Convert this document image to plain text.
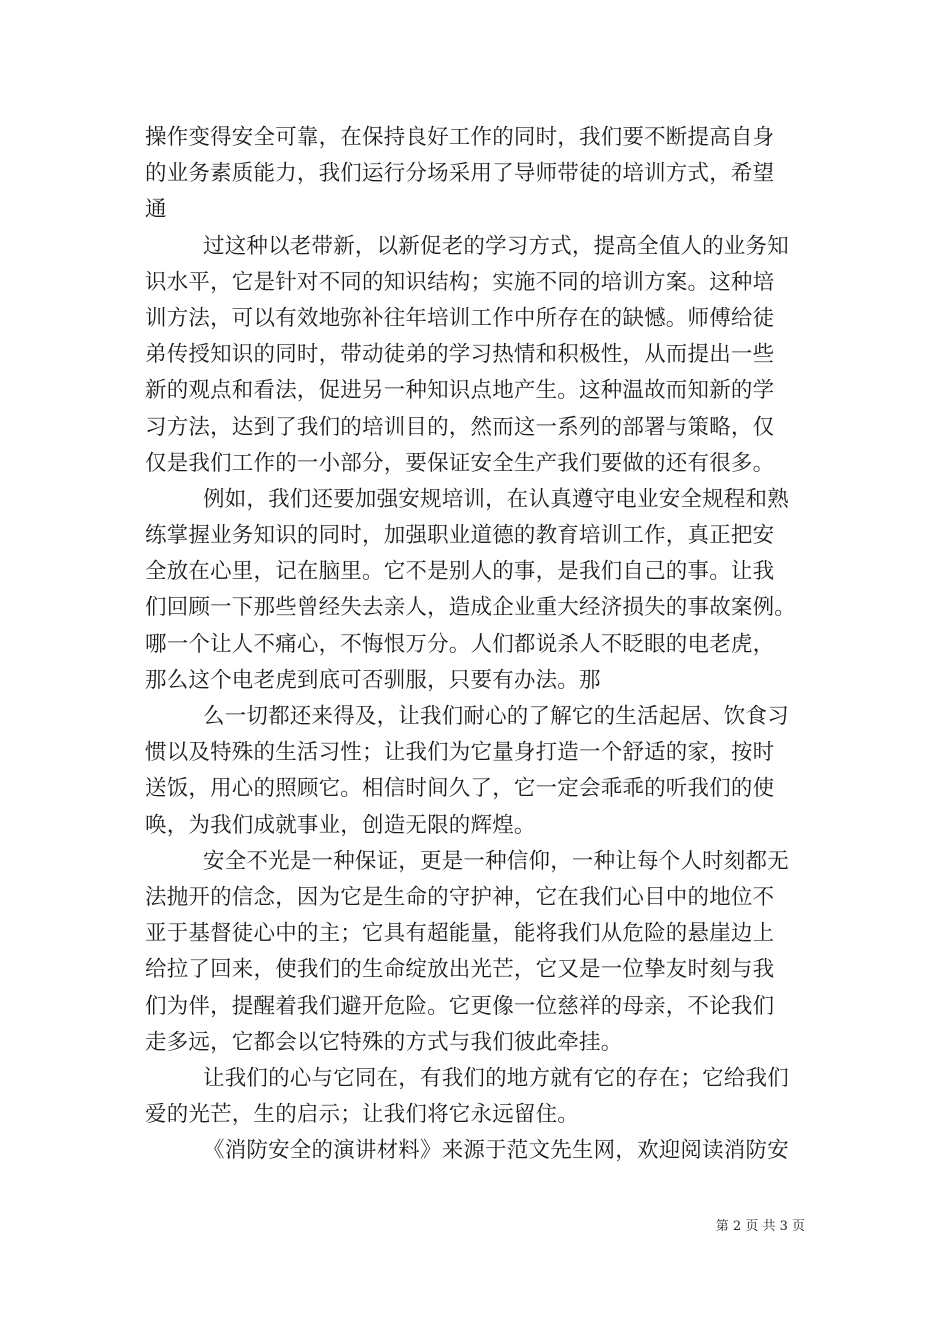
操作变得安全可靠，在保持良好工作的同时，我们要不断提高自身
的业务素质能力，我们运行分场采用了导师带徒的培训方式，希望
通
过这种以老带新，以新促老的学习方式，提高全值人的业务知
识水平，它是针对不同的知识结构；实施不同的培训方案。这种培
训方法，可以有效地弥补往年培训工作中所存在的缺憾。师傅给徒
弟传授知识的同时，带动徒弟的学习热情和积极性，从而提出一些
新的观点和看法，促进另一种知识点地产生。这种温故而知新的学
习方法，达到了我们的培训目的，然而这一系列的部署与策略，仅
仅是我们工作的一小部分，要保证安全生产我们要做的还有很多。
例如，我们还要加强安规培训，在认真遵守电业安全规程和熟
练掌握业务知识的同时，加强职业道德的教育培训工作，真正把安
全放在心里，记在脑里。它不是别人的事，是我们自己的事。让我
们回顾一下那些曾经失去亲人，造成企业重大经济损失的事故案例。
哪一个让人不痛心，不悔恨万分。人们都说杀人不眨眼的电老虎，
那么这个电老虎到底可否驯服，只要有办法。那
么一切都还来得及，让我们耐心的了解它的生活起居、饮食习
惯以及特殊的生活习性；让我们为它量身打造一个舒适的家，按时
送饭，用心的照顾它。相信时间久了，它一定会乖乖的听我们的使
唤，为我们成就事业，创造无限的辉煌。
安全不光是一种保证，更是一种信仰，一种让每个人时刻都无
法抛开的信念，因为它是生命的守护神，它在我们心目中的地位不
亚于基督徒心中的主；它具有超能量，能将我们从危险的悬崖边上
给拉了回来，使我们的生命绽放出光芒，它又是一位挚友时刻与我
们为伴，提醒着我们避开危险。它更像一位慈祥的母亲，不论我们
走多远，它都会以它特殊的方式与我们彼此牵挂。
让我们的心与它同在，有我们的地方就有它的存在；它给我们
爱的光芒，生的启示；让我们将它永远留住。
《消防安全的演讲材料》来源于范文先生网，欢迎阅读消防安
第 2 页 共 3 页
